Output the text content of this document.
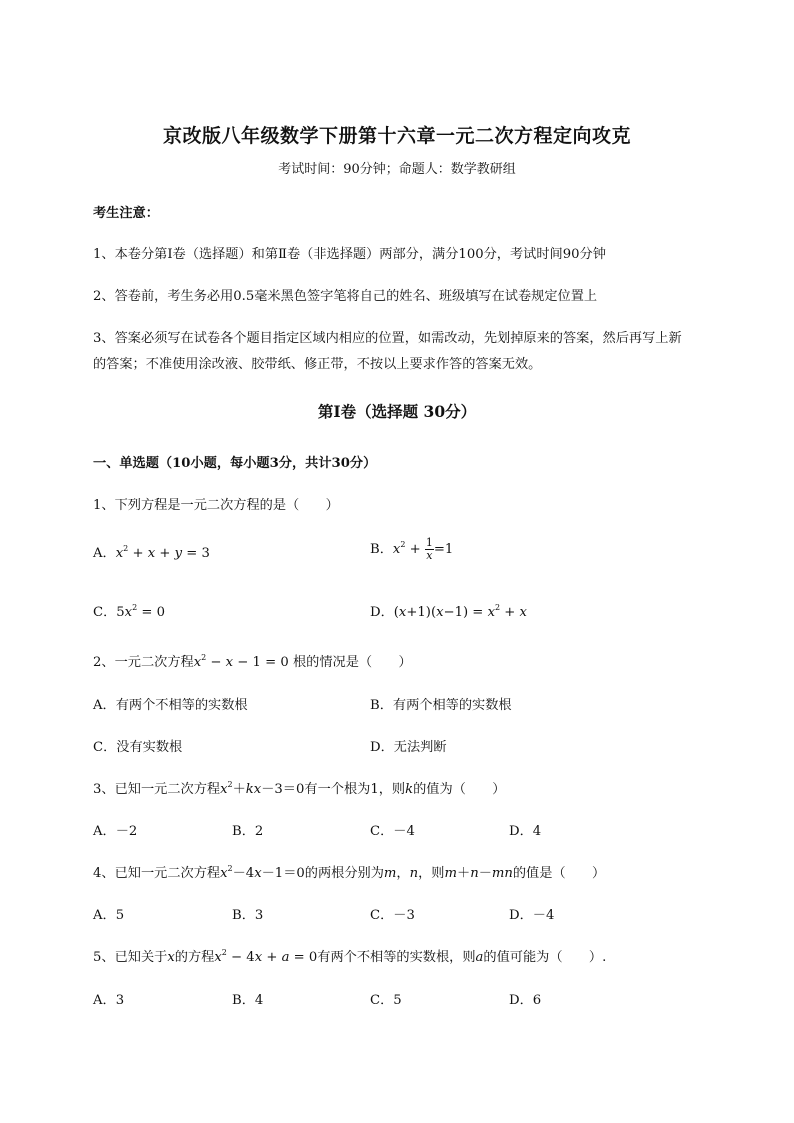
京改版八年级数学下册第十六章一元二次方程定向攻克
考试时间：90分钟；命题人：数学教研组
考生注意：
1、本卷分第Ⅰ卷（选择题）和第Ⅱ卷（非选择题）两部分，满分100分，考试时间90分钟
2、答卷前，考生务必用0.5毫米黑色签字笔将自己的姓名、班级填写在试卷规定位置上
3、答案必须写在试卷各个题目指定区域内相应的位置，如需改动，先划掉原来的答案，然后再写上新
的答案；不准使用涂改液、胶带纸、修正带，不按以上要求作答的答案无效。
第Ⅰ卷（选择题 30分）
一、单选题（10小题，每小题3分，共计30分）
1、下列方程是一元二次方程的是（　　）
A．$x^2 + x + y = 3$	B．$x^2 + \frac{1}{x} =1$
C．$5x^2 = 0$	D．$(x+1)(x-1) = x^2 + x$
2、一元二次方程$x^2 - x - 1 = 0$ 根的情况是（　　）
A．有两个不相等的实数根	B．有两个相等的实数根
C．没有实数根	D．无法判断
3、已知一元二次方程$x^2+kx-3=0$有一个根为1，则k的值为（　　）
A．－2	B．2	C．－4	D．4
4、已知一元二次方程$x^2-4x-1=0$的两根分别为m，n，则m＋n－mn的值是（　　）
A．5	B．3	C．－3	D．－4
5、已知关于x的方程$x^2 - 4x + a = 0$有两个不相等的实数根，则a的值可能为（　　）.
A．3	B．4	C．5	D．6
